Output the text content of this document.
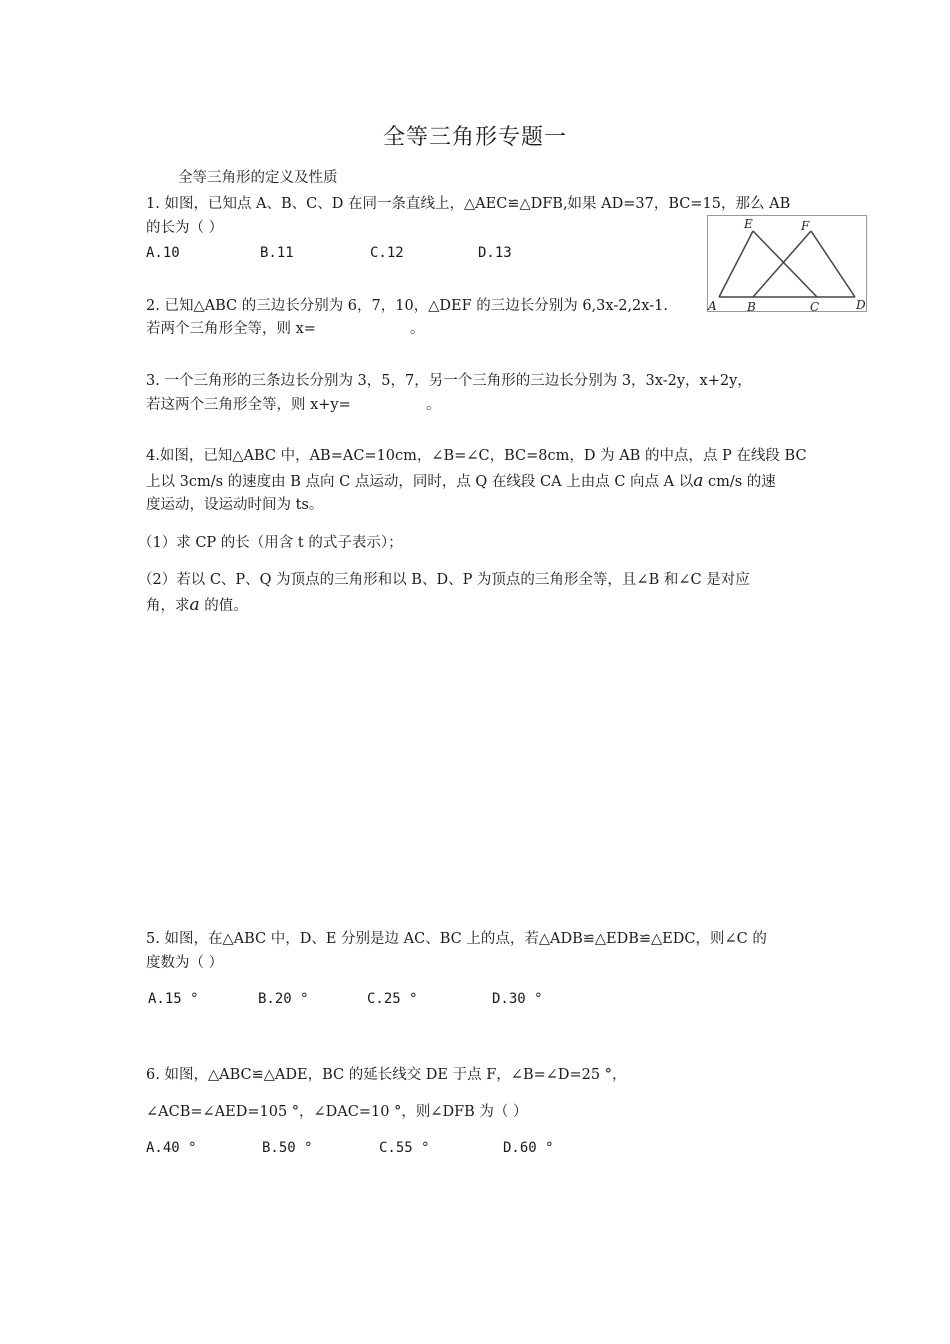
全等三角形专题一
全等三角形的定义及性质
1. 如图，已知点 A、B、C、D 在同一条直线上，△AEC≌△DFB,如果 AD=37，BC=15，那么 AB
的长为（ ）
A.10	B.11	C.12	D.13
E	F
A	B	C	D
2. 已知△ABC 的三边长分别为 6，7，10，△DEF 的三边长分别为 6,3x-2,2x-1.
若两个三角形全等，则 x=	。
3. 一个三角形的三条边长分别为 3，5，7，另一个三角形的三边长分别为 3，3x-2y，x+2y，
若这两个三角形全等，则 x+y=	。
4.如图，已知△ABC 中，AB=AC=10cm，∠B=∠C，BC=8cm，D 为 AB 的中点，点 P 在线段 BC
上以 3cm/s 的速度由 B 点向 C 点运动，同时，点 Q 在线段 CA 上由点 C 向点 A 以a cm/s 的速
度运动，设运动时间为 ts。
（1）求 CP 的长（用含 t 的式子表示）；
（2）若以 C、P、Q 为顶点的三角形和以 B、D、P 为顶点的三角形全等，且∠B 和∠C 是对应
角，求a 的值。
5. 如图，在△ABC 中，D、E 分别是边 AC、BC 上的点，若△ADB≌△EDB≌△EDC，则∠C 的
度数为（ ）
A.15 °	B.20 °	C.25 °	D.30 °
6. 如图，△ABC≌△ADE，BC 的延长线交 DE 于点 F，∠B=∠D=25 °，
∠ACB=∠AED=105 °，∠DAC=10 °，则∠DFB 为（ ）
A.40 °	B.50 °	C.55 °	D.60 °
